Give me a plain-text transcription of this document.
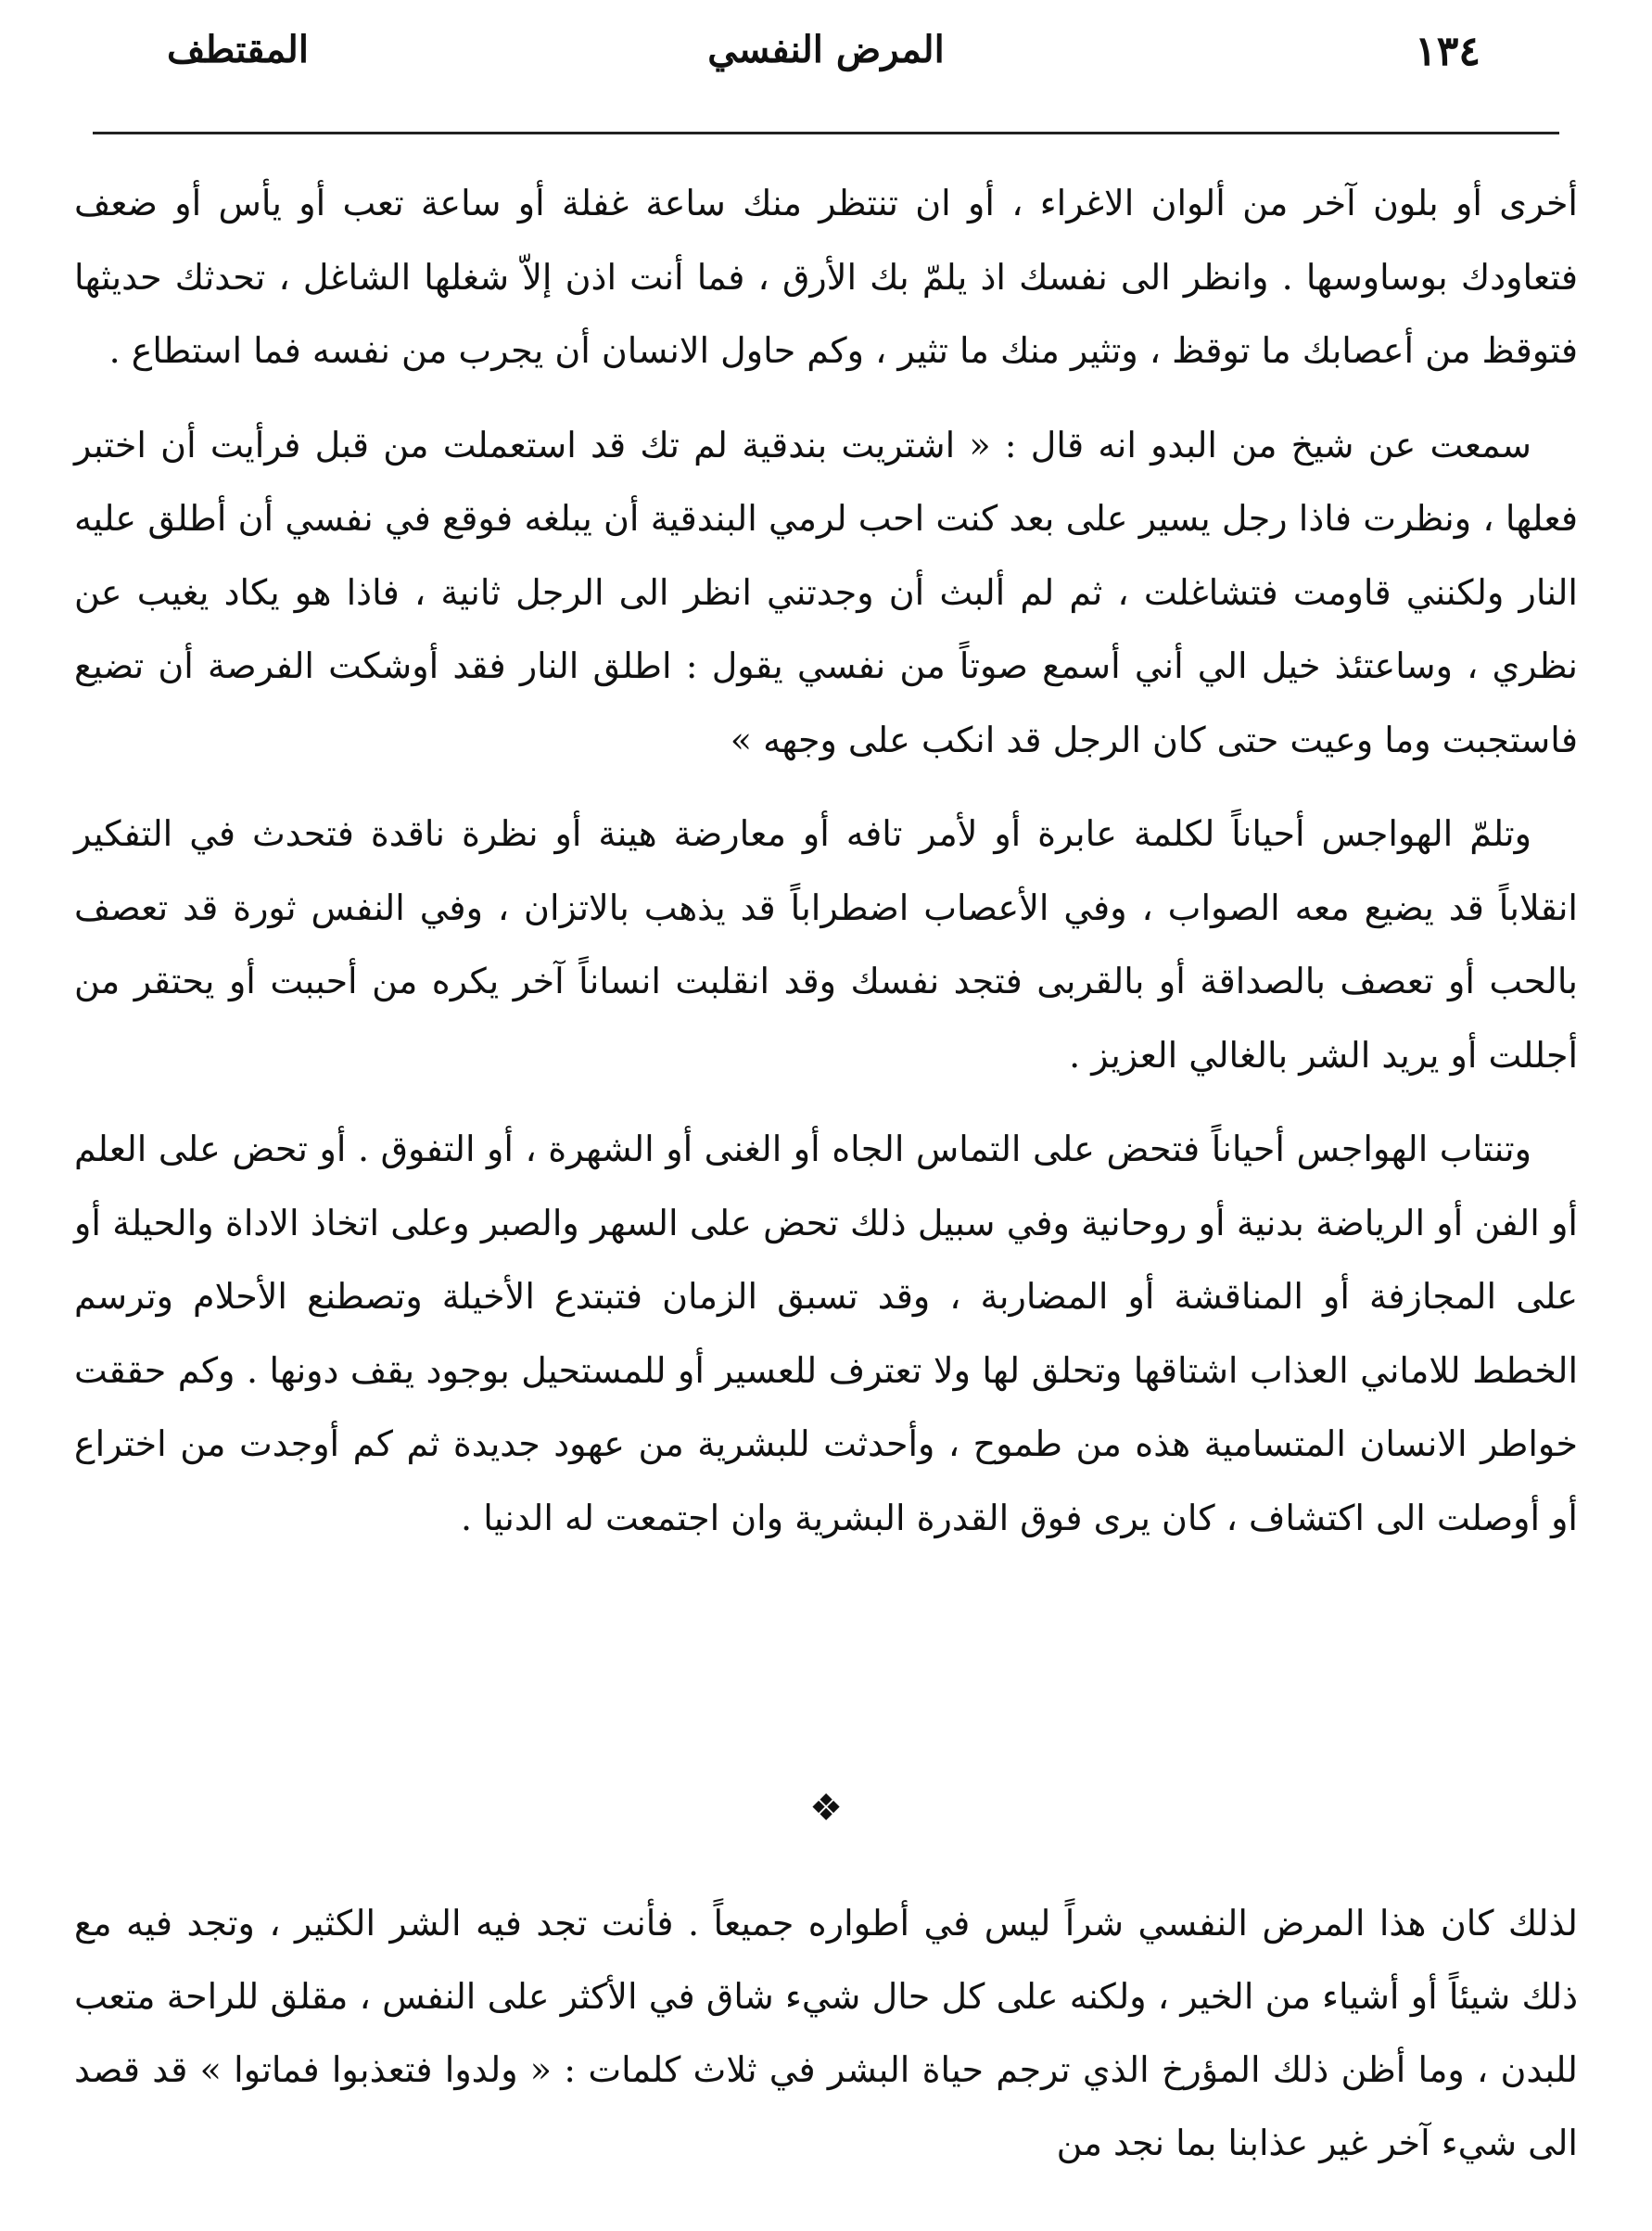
١٣٤
المرض النفسي
المقتطف

أخرى أو بلون آخر من ألوان الاغراء ، أو ان تنتظر منك ساعة غفلة أو ساعة تعب أو يأس أو ضعف فتعاودك بوساوسها . وانظر الى نفسك اذ يلمّ بك الأرق ، فما أنت اذن إلاّ شغلها الشاغل ، تحدثك حديثها فتوقظ من أعصابك ما توقظ ، وتثير منك ما تثير ، وكم حاول الانسان أن يجرب من نفسه فما استطاع .

سمعت عن شيخ من البدو انه قال : « اشتريت بندقية لم تك قد استعملت من قبل فرأيت أن اختبر فعلها ، ونظرت فاذا رجل يسير على بعد كنت احب لرمي البندقية أن يبلغه فوقع في نفسي أن أطلق عليه النار ولكنني قاومت فتشاغلت ، ثم لم ألبث أن وجدتني انظر الى الرجل ثانية ، فاذا هو يكاد يغيب عن نظري ، وساعتئذ خيل الي أني أسمع صوتاً من نفسي يقول : اطلق النار فقد أوشكت الفرصة أن تضيع فاستجبت وما وعيت حتى كان الرجل قد انكب على وجهه »

وتلمّ الهواجس أحياناً لكلمة عابرة أو لأمر تافه أو معارضة هينة أو نظرة ناقدة فتحدث في التفكير انقلاباً قد يضيع معه الصواب ، وفي الأعصاب اضطراباً قد يذهب بالاتزان ، وفي النفس ثورة قد تعصف بالحب أو تعصف بالصداقة أو بالقربى فتجد نفسك وقد انقلبت انساناً آخر يكره من أحببت أو يحتقر من أجللت أو يريد الشر بالغالي العزيز .

وتنتاب الهواجس أحياناً فتحض على التماس الجاه أو الغنى أو الشهرة ، أو التفوق . أو تحض على العلم أو الفن أو الرياضة بدنية أو روحانية وفي سبيل ذلك تحض على السهر والصبر وعلى اتخاذ الاداة والحيلة أو على المجازفة أو المناقشة أو المضاربة ، وقد تسبق الزمان فتبتدع الأخيلة وتصطنع الأحلام وترسم الخطط للاماني العذاب اشتاقها وتحلق لها ولا تعترف للعسير أو للمستحيل بوجود يقف دونها . وكم حققت خواطر الانسان المتسامية هذه من طموح ، وأحدثت للبشرية من عهود جديدة ثم كم أوجدت من اختراع أو أوصلت الى اكتشاف ، كان يرى فوق القدرة البشرية وان اجتمعت له الدنيا .

❖

لذلك كان هذا المرض النفسي شراً ليس في أطواره جميعاً . فأنت تجد فيه الشر الكثير ، وتجد فيه مع ذلك شيئاً أو أشياء من الخير ، ولكنه على كل حال شيء شاق في الأكثر على النفس ، مقلق للراحة متعب للبدن ، وما أظن ذلك المؤرخ الذي ترجم حياة البشر في ثلاث كلمات : « ولدوا فتعذبوا فماتوا » قد قصد الى شيء آخر غير عذابنا بما نجد من
